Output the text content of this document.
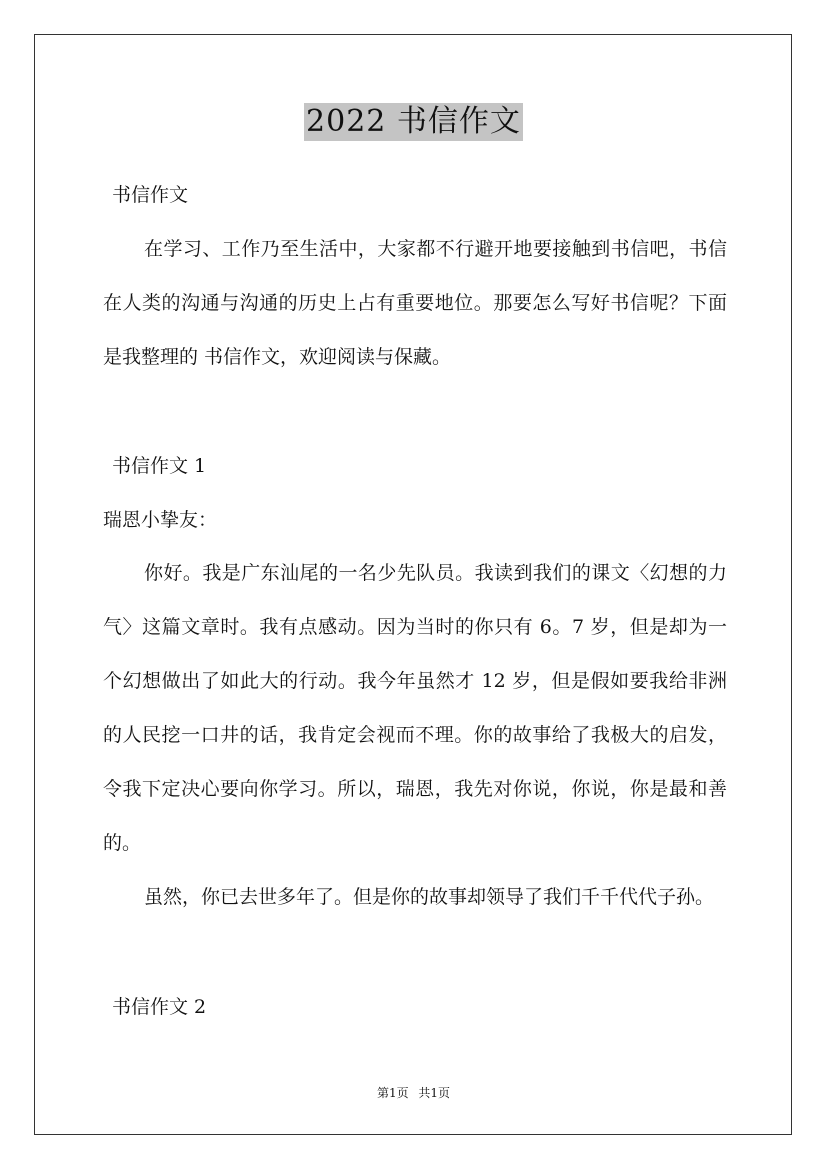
2022 书信作文
书信作文
在学习、工作乃至生活中，大家都不行避开地要接触到书信吧，书信在人类的沟通与沟通的历史上占有重要地位。那要怎么写好书信呢？下面是我整理的 书信作文，欢迎阅读与保藏。
书信作文 1
瑞恩小挚友：
你好。我是广东汕尾的一名少先队员。我读到我们的课文〈幻想的力气〉这篇文章时。我有点感动。因为当时的你只有 6。7 岁，但是却为一个幻想做出了如此大的行动。我今年虽然才 12 岁，但是假如要我给非洲的人民挖一口井的话，我肯定会视而不理。你的故事给了我极大的启发，令我下定决心要向你学习。所以，瑞恩，我先对你说，你说，你是最和善的。
虽然，你已去世多年了。但是你的故事却领导了我们千千代代子孙。
书信作文 2
第1页 共1页
